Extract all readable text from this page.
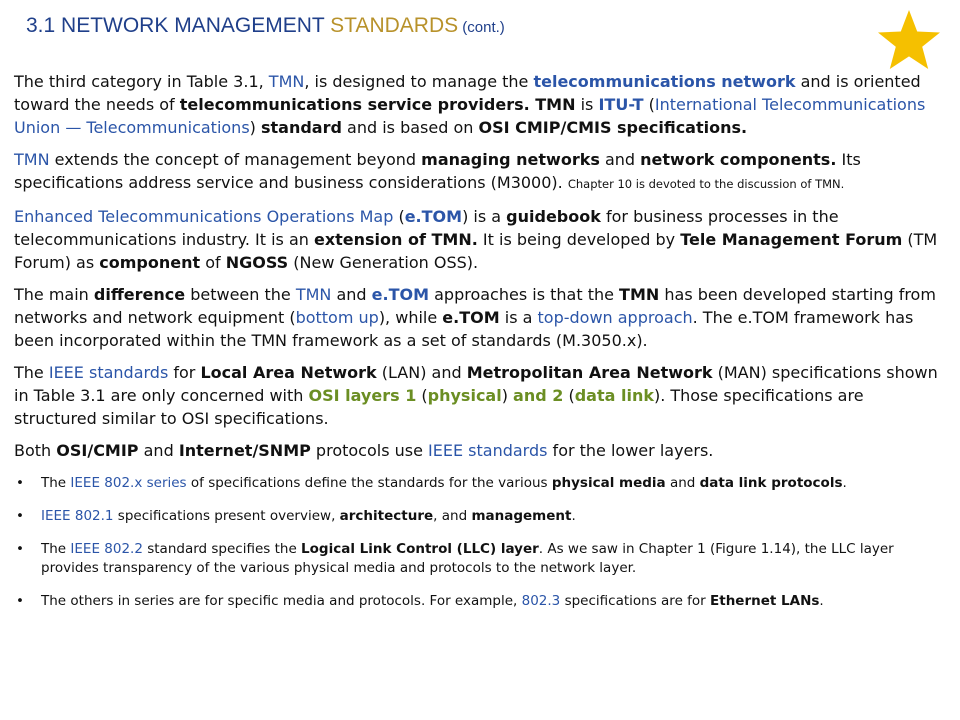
3.1 NETWORK MANAGEMENT STANDARDS (cont.)

The third category in Table 3.1, TMN, is designed to manage the telecommunications network and is oriented toward the needs of telecommunications service providers. TMN is ITU-T (International Telecommunications Union — Telecommunications) standard and is based on OSI CMIP/CMIS specifications.

TMN extends the concept of management beyond managing networks and network components. Its specifications address service and business considerations (M3000). Chapter 10 is devoted to the discussion of TMN.

Enhanced Telecommunications Operations Map (e.TOM) is a guidebook for business processes in the telecommunications industry. It is an extension of TMN. It is being developed by Tele Management Forum (TM Forum) as component of NGOSS (New Generation OSS).

The main difference between the TMN and e.TOM approaches is that the TMN has been developed starting from networks and network equipment (bottom up), while e.TOM is a top-down approach. The e.TOM framework has been incorporated within the TMN framework as a set of standards (M.3050.x).

The IEEE standards for Local Area Network (LAN) and Metropolitan Area Network (MAN) specifications shown in Table 3.1 are only concerned with OSI layers 1 (physical) and 2 (data link). Those specifications are structured similar to OSI specifications.

Both OSI/CMIP and Internet/SNMP protocols use IEEE standards for the lower layers.

• The IEEE 802.x series of specifications define the standards for the various physical media and data link protocols.
• IEEE 802.1 specifications present overview, architecture, and management.
• The IEEE 802.2 standard specifies the Logical Link Control (LLC) layer. As we saw in Chapter 1 (Figure 1.14), the LLC layer provides transparency of the various physical media and protocols to the network layer.
• The others in series are for specific media and protocols. For example, 802.3 specifications are for Ethernet LANs.
